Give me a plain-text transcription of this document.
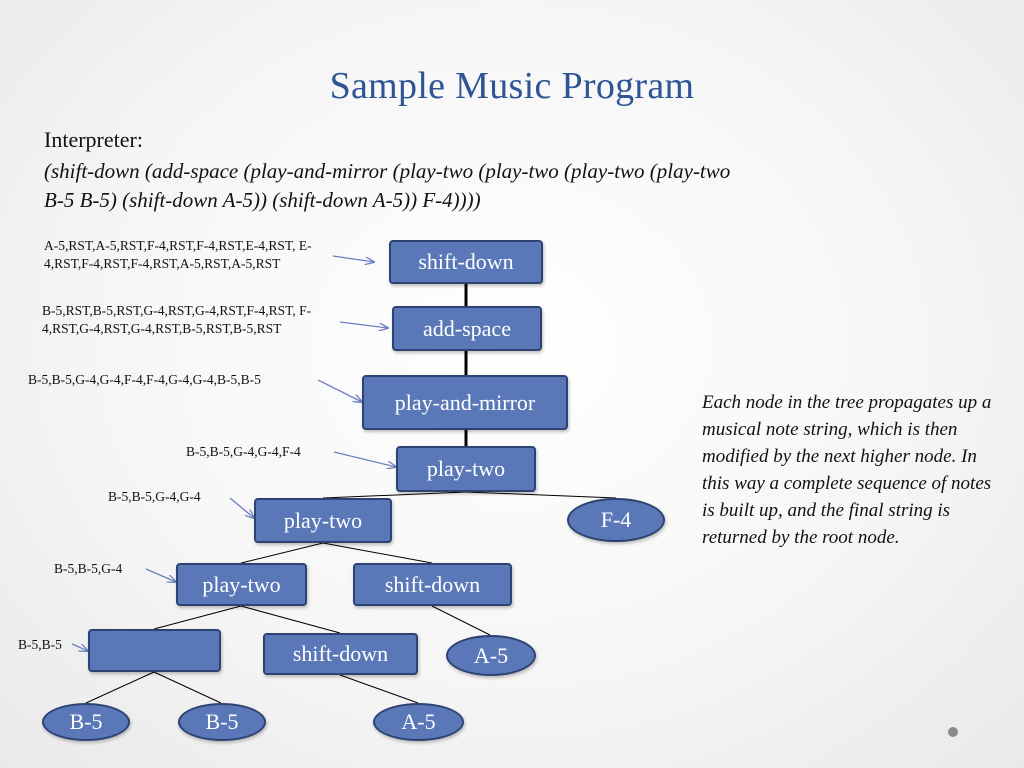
Sample Music Program
Interpreter:
(shift-down (add-space (play-and-mirror (play-two (play-two (play-two (play-two
B-5 B-5) (shift-down A-5)) (shift-down A-5)) F-4))))
A-5,RST,A-5,RST,F-4,RST,F-4,RST,E-4,RST, E-4,RST,F-4,RST,F-4,RST,A-5,RST,A-5,RST
B-5,RST,B-5,RST,G-4,RST,G-4,RST,F-4,RST, F-4,RST,G-4,RST,G-4,RST,B-5,RST,B-5,RST
B-5,B-5,G-4,G-4,F-4,F-4,G-4,G-4,B-5,B-5
B-5,B-5,G-4,G-4,F-4
B-5,B-5,G-4,G-4
B-5,B-5,G-4
B-5,B-5
shift-down
add-space
play-and-mirror
play-two
F-4
play-two
play-two	shift-down
shift-down	A-5
B-5	B-5	A-5
Each node in the tree propagates up a musical note string, which is then modified by the next higher node. In this way a complete sequence of notes is built up, and the final string is returned by the root node.
